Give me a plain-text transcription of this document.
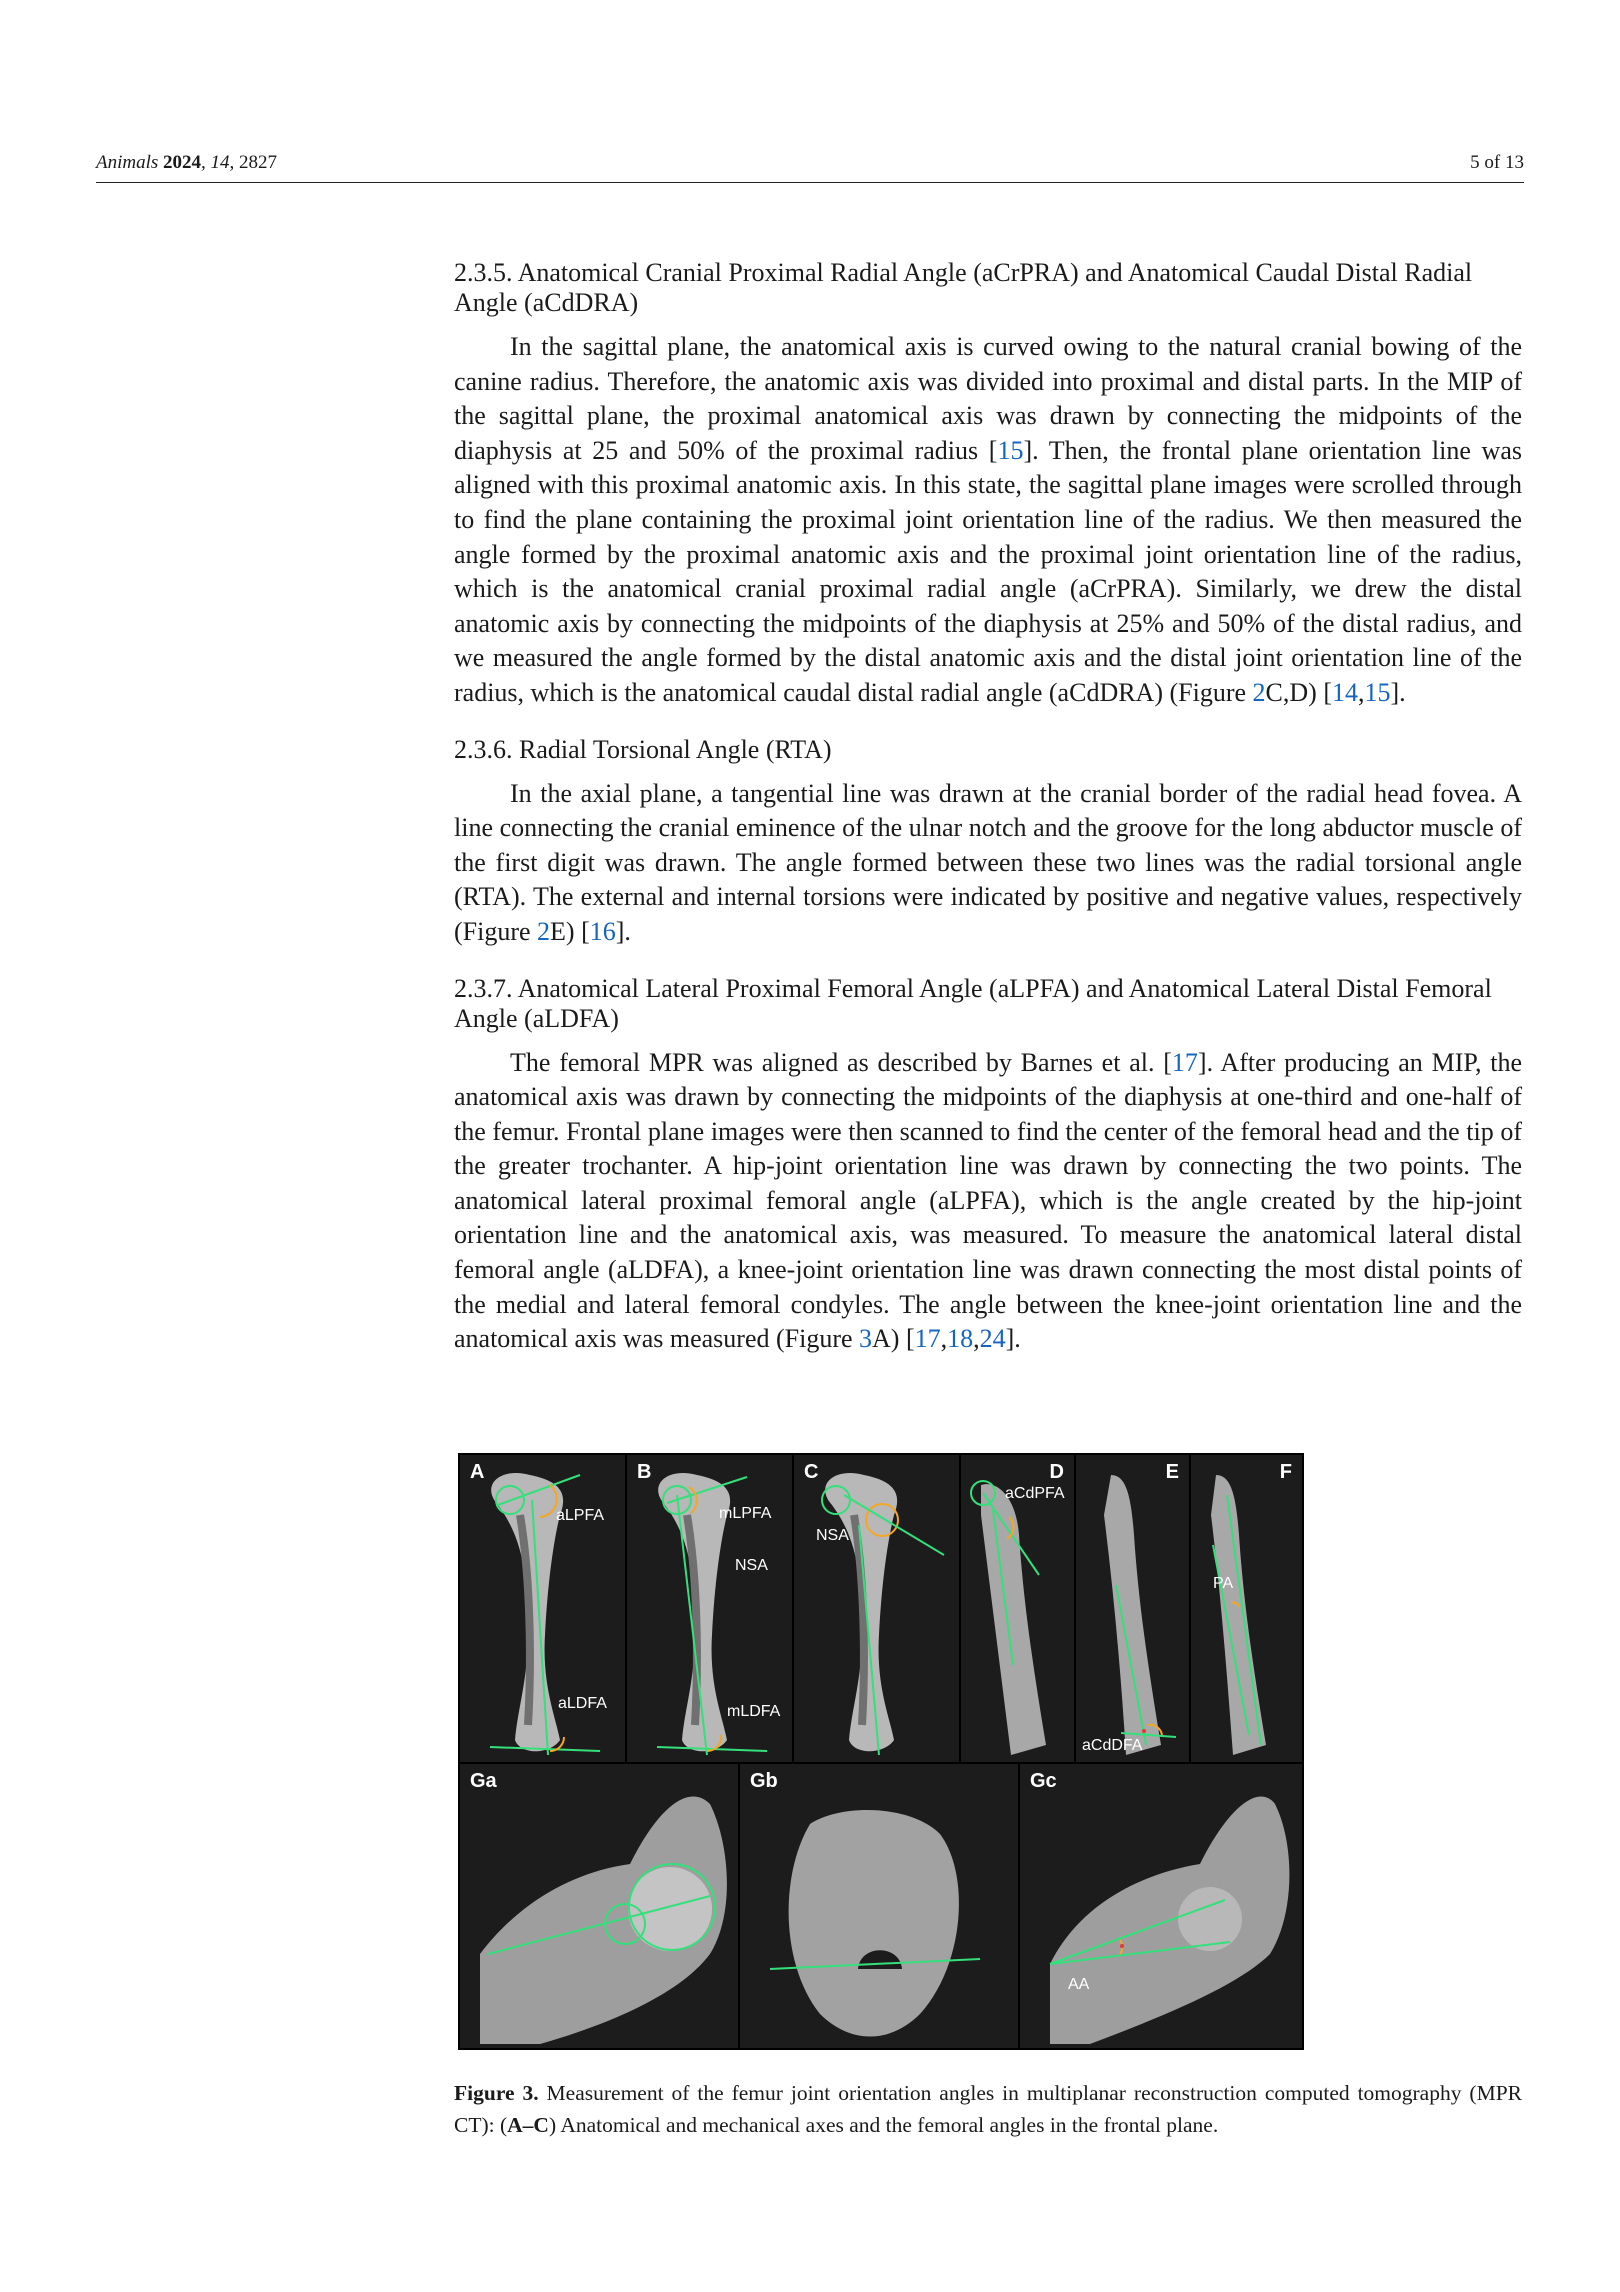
Animals 2024, 14, 2827	5 of 13
2.3.5. Anatomical Cranial Proximal Radial Angle (aCrPRA) and Anatomical Caudal Distal Radial Angle (aCdDRA)

In the sagittal plane, the anatomical axis is curved owing to the natural cranial bowing of the canine radius. Therefore, the anatomic axis was divided into proximal and distal parts. In the MIP of the sagittal plane, the proximal anatomical axis was drawn by connecting the midpoints of the diaphysis at 25 and 50% of the proximal radius [15]. Then, the frontal plane orientation line was aligned with this proximal anatomic axis. In this state, the sagittal plane images were scrolled through to find the plane containing the proximal joint orientation line of the radius. We then measured the angle formed by the proximal anatomic axis and the proximal joint orientation line of the radius, which is the anatomical cranial proximal radial angle (aCrPRA). Similarly, we drew the distal anatomic axis by connecting the midpoints of the diaphysis at 25% and 50% of the distal radius, and we measured the angle formed by the distal anatomic axis and the distal joint orientation line of the radius, which is the anatomical caudal distal radial angle (aCdDRA) (Figure 2C,D) [14,15].

2.3.6. Radial Torsional Angle (RTA)

In the axial plane, a tangential line was drawn at the cranial border of the radial head fovea. A line connecting the cranial eminence of the ulnar notch and the groove for the long abductor muscle of the first digit was drawn. The angle formed between these two lines was the radial torsional angle (RTA). The external and internal torsions were indicated by positive and negative values, respectively (Figure 2E) [16].

2.3.7. Anatomical Lateral Proximal Femoral Angle (aLPFA) and Anatomical Lateral Distal Femoral Angle (aLDFA)

The femoral MPR was aligned as described by Barnes et al. [17]. After producing an MIP, the anatomical axis was drawn by connecting the midpoints of the diaphysis at one-third and one-half of the femur. Frontal plane images were then scanned to find the center of the femoral head and the tip of the greater trochanter. A hip-joint orientation line was drawn by connecting the two points. The anatomical lateral proximal femoral angle (aLPFA), which is the angle created by the hip-joint orientation line and the anatomical axis, was measured. To measure the anatomical lateral distal femoral angle (aLDFA), a knee-joint orientation line was drawn connecting the most distal points of the medial and lateral femoral condyles. The angle between the knee-joint orientation line and the anatomical axis was measured (Figure 3A) [17,18,24].

A
aLPFA
aLDFA
B
mLPFA
NSA
mLDFA
C
NSA
D
aCdPFA
E
aCdDFA
F
PA
Ga	Gb	Gc
AA
Figure 3. Measurement of the femur joint orientation angles in multiplanar reconstruction computed tomography (MPR CT): (A–C) Anatomical and mechanical axes and the femoral angles in the frontal plane.
